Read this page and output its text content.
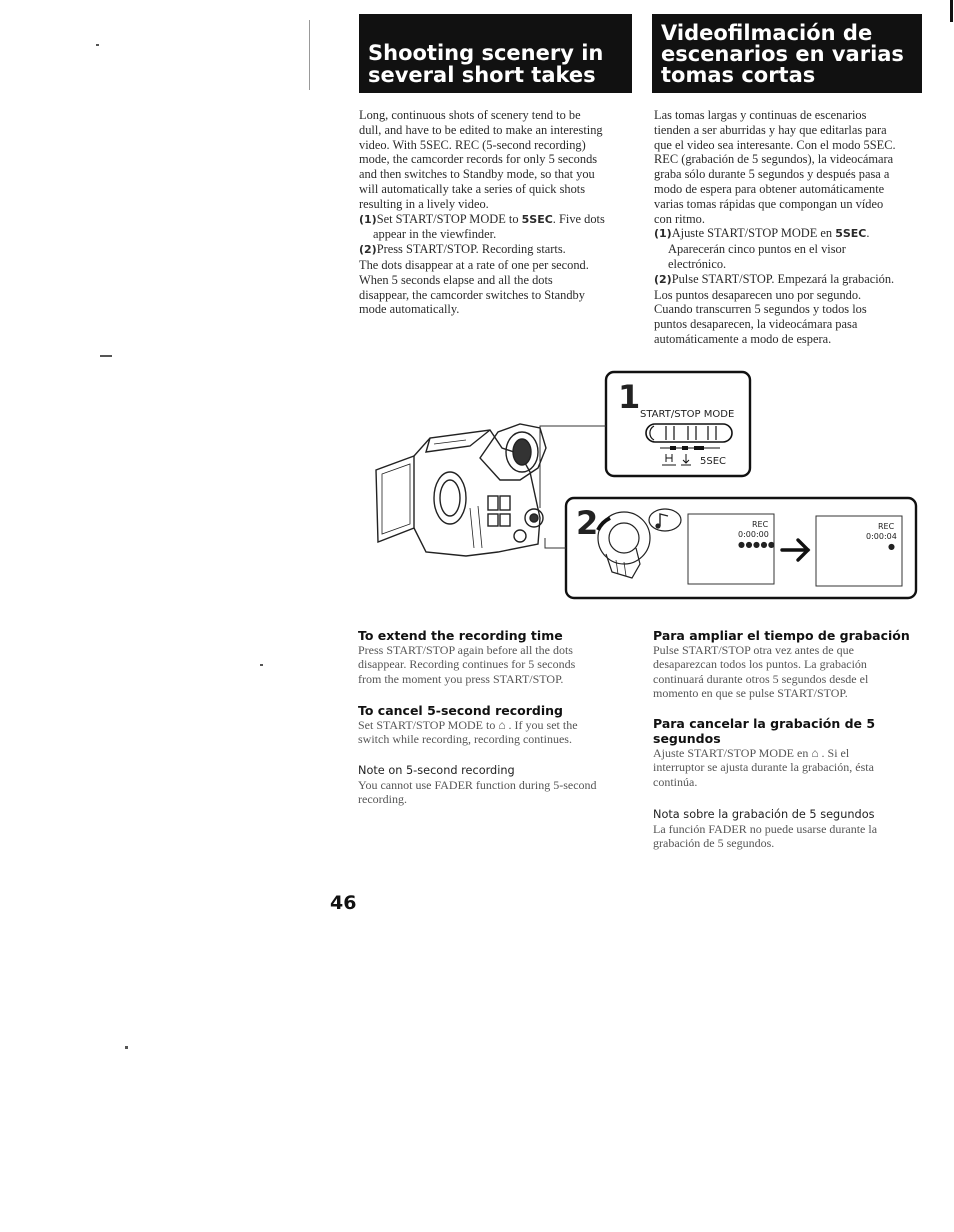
Shooting scenery in
several short takes
Videofilmación de
escenarios en varias
tomas cortas

Long, continuous shots of scenery tend to be

dull, and have to be edited to make an interesting

video. With 5SEC. REC (5-second recording)

mode, the camcorder records for only 5 seconds

and then switches to Standby mode, so that you

will automatically take a series of quick shots

resulting in a lively video.

(1)Set START/STOP MODE to 5SEC. Five dots
appear in the viewfinder.
(2)Press START/STOP. Recording starts.

The dots disappear at a rate of one per second.

When 5 seconds elapse and all the dots

disappear, the camcorder switches to Standby

mode automatically.

Las tomas largas y continuas de escenarios

tienden a ser aburridas y hay que editarlas para

que el video sea interesante. Con el modo 5SEC.

REC (grabación de 5 segundos), la videocámara

graba sólo durante 5 segundos y después pasa a

modo de espera para obtener automáticamente

varias tomas rápidas que compongan un vídeo

con ritmo.

(1)Ajuste START/STOP MODE en 5SEC.
Aparecerán cinco puntos en el visor
electrónico.
(2)Pulse START/STOP. Empezará la grabación.

Los puntos desaparecen uno por segundo.

Cuando transcurren 5 segundos y todos los

puntos desaparecen, la videocámara pasa

automáticamente a modo de espera.

1 START/STOP MODE
5SEC
2	REC
0:00:00
●●●●●
REC
0:00:04
●
To extend the recording time
Press START/STOP again before all the dots
disappear. Recording continues for 5 seconds
from the moment you press START/STOP.
To cancel 5-second recording
Set START/STOP MODE to ⌂ . If you set the
switch while recording, recording continues.
Note on 5-second recording
You cannot use FADER function during 5-second
recording.
Para ampliar el tiempo de grabación
Pulse START/STOP otra vez antes de que
desaparezcan todos los puntos. La grabación
continuará durante otros 5 segundos desde el
momento en que se pulse START/STOP.
Para cancelar la grabación de 5
segundos
Ajuste START/STOP MODE en ⌂ . Si el
interruptor se ajusta durante la grabación, ésta
continúa.
Nota sobre la grabación de 5 segundos
La función FADER no puede usarse durante la
grabación de 5 segundos.
46
